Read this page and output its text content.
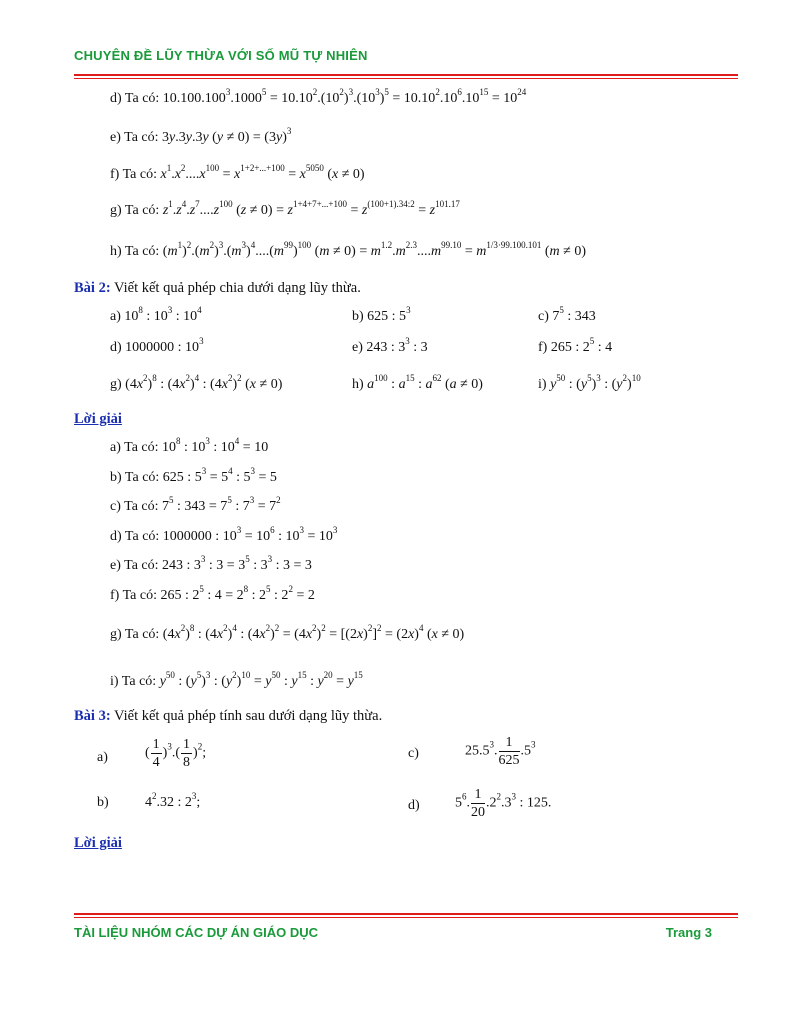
CHUYÊN ĐỀ LŨY THỪA VỚI SỐ MŨ TỰ NHIÊN
d) Ta có: $10.100.100^3.1000^5 = 10.10^2.(10^2)^3.(10^3)^5 = 10.10^2.10^6.10^{15} = 10^{24}$
e) Ta có: 3y.3y.3y $(y \ne 0) = (3y)^3$
f) Ta có: $x^1.x^2....x^{100} = x^{1+2+...+100} = x^{5050}$ (x ≠ 0)
g) Ta có: $z^1.z^4.z^7....z^{100}$ $(z \ne 0) = z^{1+4+7+...+100} = z^{(100+1).34:2} = z^{101.17}$
h) Ta có: $(m^1)^2.(m^2)^3.(m^3)^4....(m^{99})^{100}$ $(m \ne 0) = m^{1.2}.m^{2.3}....m^{99.10} = m^{1/3\cdot 99.100.101}$ (m ≠ 0)
Bài 2: Viết kết quả phép chia dưới dạng lũy thừa.
a) $10^8$ : $10^3$ : $10^4$	b) 625 : $5^3$	c) $7^5$ : 343
d) 1000000 : $10^3$	e) 243 : $3^3$ : 3	f) 265 : $2^5$ : 4
g) $(4x^2)^8$ : $(4x^2)^4$ : $(4x^2)^2$ (x ≠ 0)	h) $a^{100}$ : $a^{15}$ : $a^{62}$ (a ≠ 0)	i) $y^{50}$ : $(y^5)^3$ : $(y^2)^{10}$
Lời giải
a) Ta có: $10^8$ : $10^3$ : $10^4 = 10$
b) Ta có: 625 : $5^3 = 5^4$ : $5^3 = 5$
c) Ta có: $7^5$ : $343 = 7^5$ : $7^3 = 7^2$
d) Ta có: 1000000 : $10^3 = 10^6$ : $10^3 = 10^3$
e) Ta có: 243 : $3^3$ : $3 = 3^5$ : $3^3$ : 3 = 3
f) Ta có: 265 : $2^5$ : $4 = 2^8$ : $2^5$ : $2^2 = 2$
g) Ta có: $(4x^2)^8$ : $(4x^2)^4$ : $(4x^2)^2 = (4x^2)^2 = [(2x)^2]^2 = (2x)^4$ (x ≠ 0)
i) Ta có: $y^{50}$ : $(y^5)^3$ : $(y^2)^{10} = y^{50}$ : $y^{15}$ : $y^{20} = y^{15}$
Bài 3: Viết kết quả phép tính sau dưới dạng lũy thừa.
a)	( $\frac{1}{4} )^3.( \frac{1}{8} )^2$;	c)	25.5$^3$. $\frac{1}{625} .5^3$
b)	$4^2.32$ : $2^3$;	d)	$5^6$. $\frac{1}{20} .2^2.3^3$ : 125.
Lời giải
TÀI LIỆU NHÓM CÁC DỰ ÁN GIÁO DỤC	Trang 3
